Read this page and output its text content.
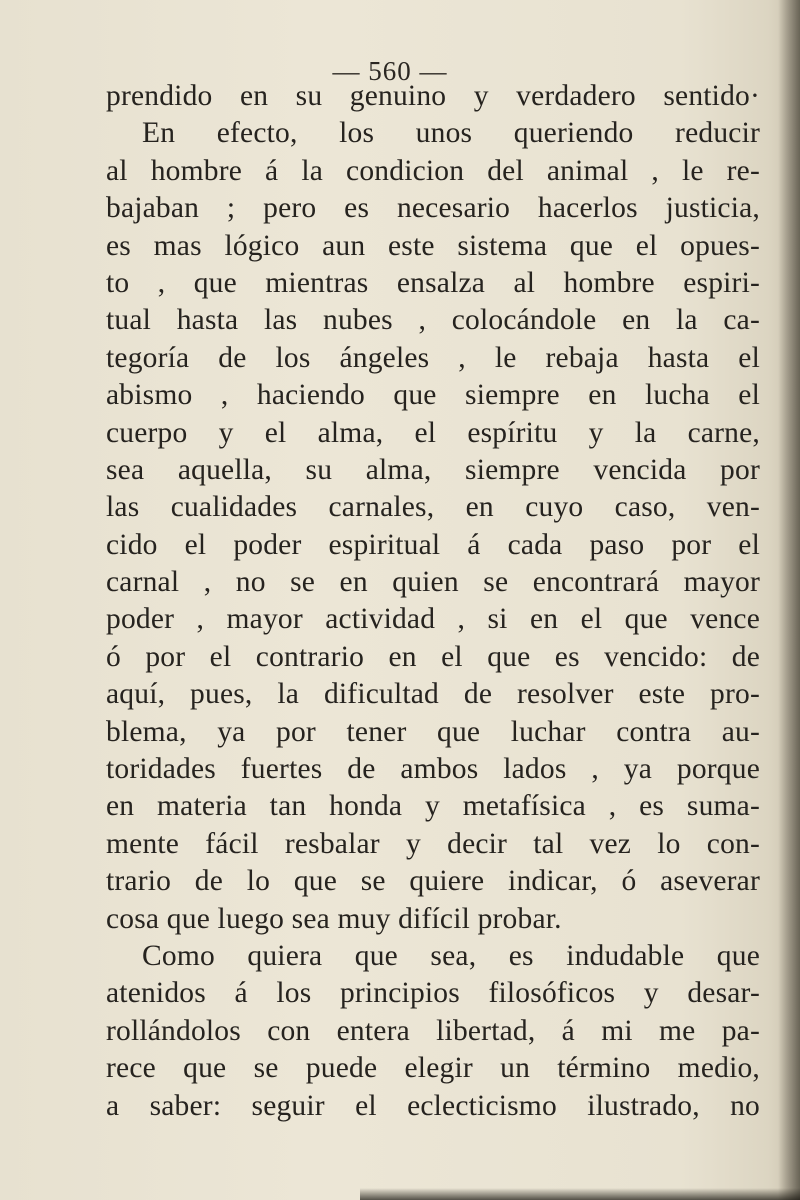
— 560 —
prendido en su genuino y verdadero sentido·
En efecto, los unos queriendo reducir
al hombre á la condicion del animal , le re-
bajaban ; pero es necesario hacerlos justicia,
es mas lógico aun este sistema que el opues-
to , que mientras ensalza al hombre espiri-
tual hasta las nubes , colocándole en la ca-
tegoría de los ángeles , le rebaja hasta el
abismo , haciendo que siempre en lucha el
cuerpo y el alma, el espíritu y la carne,
sea aquella, su alma, siempre vencida por
las cualidades carnales, en cuyo caso, ven-
cido el poder espiritual á cada paso por el
carnal , no se en quien se encontrará mayor
poder , mayor actividad , si en el que vence
ó por el contrario en el que es vencido: de
aquí, pues, la dificultad de resolver este pro-
blema, ya por tener que luchar contra au-
toridades fuertes de ambos lados , ya porque
en materia tan honda y metafísica , es suma-
mente fácil resbalar y decir tal vez lo con-
trario de lo que se quiere indicar, ó aseverar
cosa que luego sea muy difícil probar.
Como quiera que sea, es indudable que
atenidos á los principios filosóficos y desar-
rollándolos con entera libertad, á mi me pa-
rece que se puede elegir un término medio,
a saber: seguir el eclecticismo ilustrado, no
